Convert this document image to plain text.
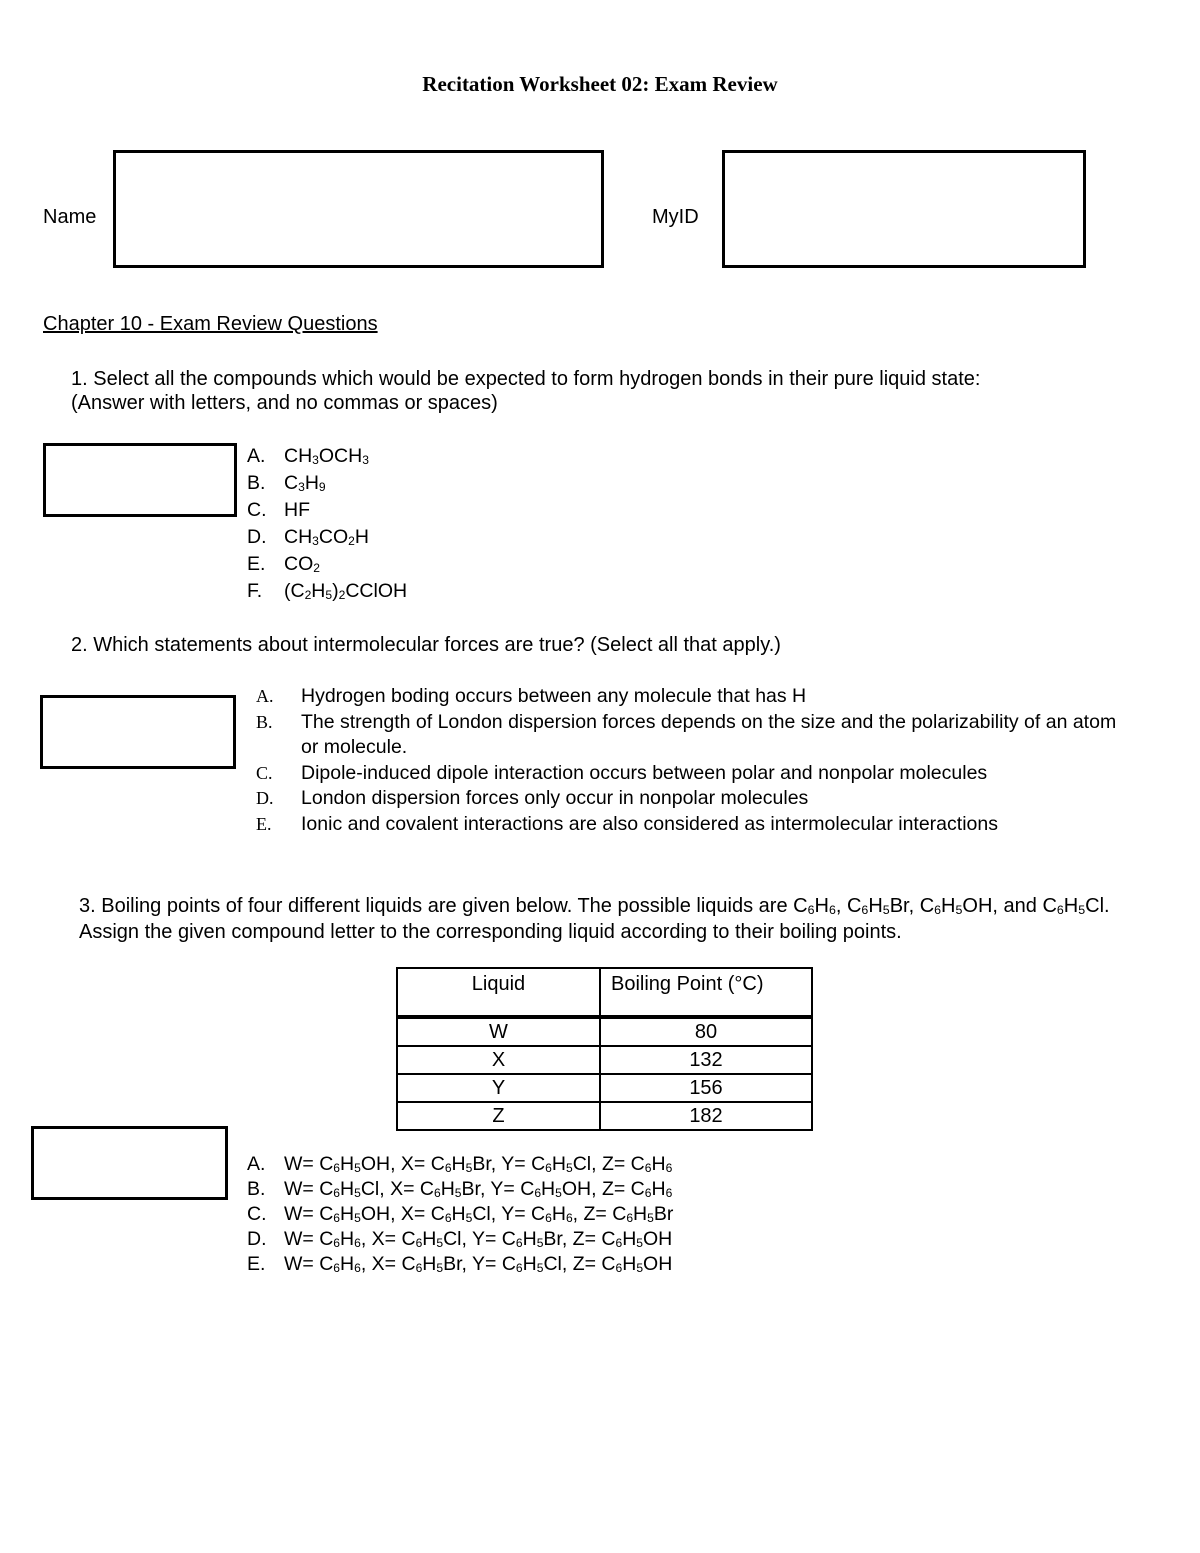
Recitation Worksheet 02: Exam Review
Name	MyID
Chapter 10 - Exam Review Questions
1. Select all the compounds which would be expected to form hydrogen bonds in their pure liquid state:
(Answer with letters, and no commas or spaces)
A. $CH_3OCH_3$
B. $C_3H_9$
C. HF
D. $CH_3CO_2H$
E. $CO_2$
F. $(C_2H_5)_2CClOH$
2. Which statements about intermolecular forces are true? (Select all that apply.)
A. Hydrogen boding occurs between any molecule that has H
B. The strength of London dispersion forces depends on the size and the polarizability of an atom or molecule.
C. Dipole-induced dipole interaction occurs between polar and nonpolar molecules
D. London dispersion forces only occur in nonpolar molecules
E. Ionic and covalent interactions are also considered as intermolecular interactions
3. Boiling points of four different liquids are given below. The possible liquids are $C_6H_6$, $C_6H_5Br$, $C_6H_5OH$, and $C_6H_5Cl$. Assign the given compound letter to the corresponding liquid according to their boiling points.
Liquid	Boiling Point (°C)
W	80
X	132
Y	156
Z	182
A. $W= C_6H_5OH$, $X= C_6H_5Br$, $Y= C_6H_5Cl$, $Z= C_6H_6$
B. $W= C_6H_5Cl$, $X= C_6H_5Br$, $Y= C_6H_5OH$, $Z= C_6H_6$
C. $W= C_6H_5OH$, $X= C_6H_5Cl$, $Y= C_6H_6$, $Z= C_6H_5Br$
D. $W= C_6H_6$, $X= C_6H_5Cl$, $Y= C_6H_5Br$, $Z= C_6H_5OH$
E. $W= C_6H_6$, $X= C_6H_5Br$, $Y= C_6H_5Cl$, $Z= C_6H_5OH$
